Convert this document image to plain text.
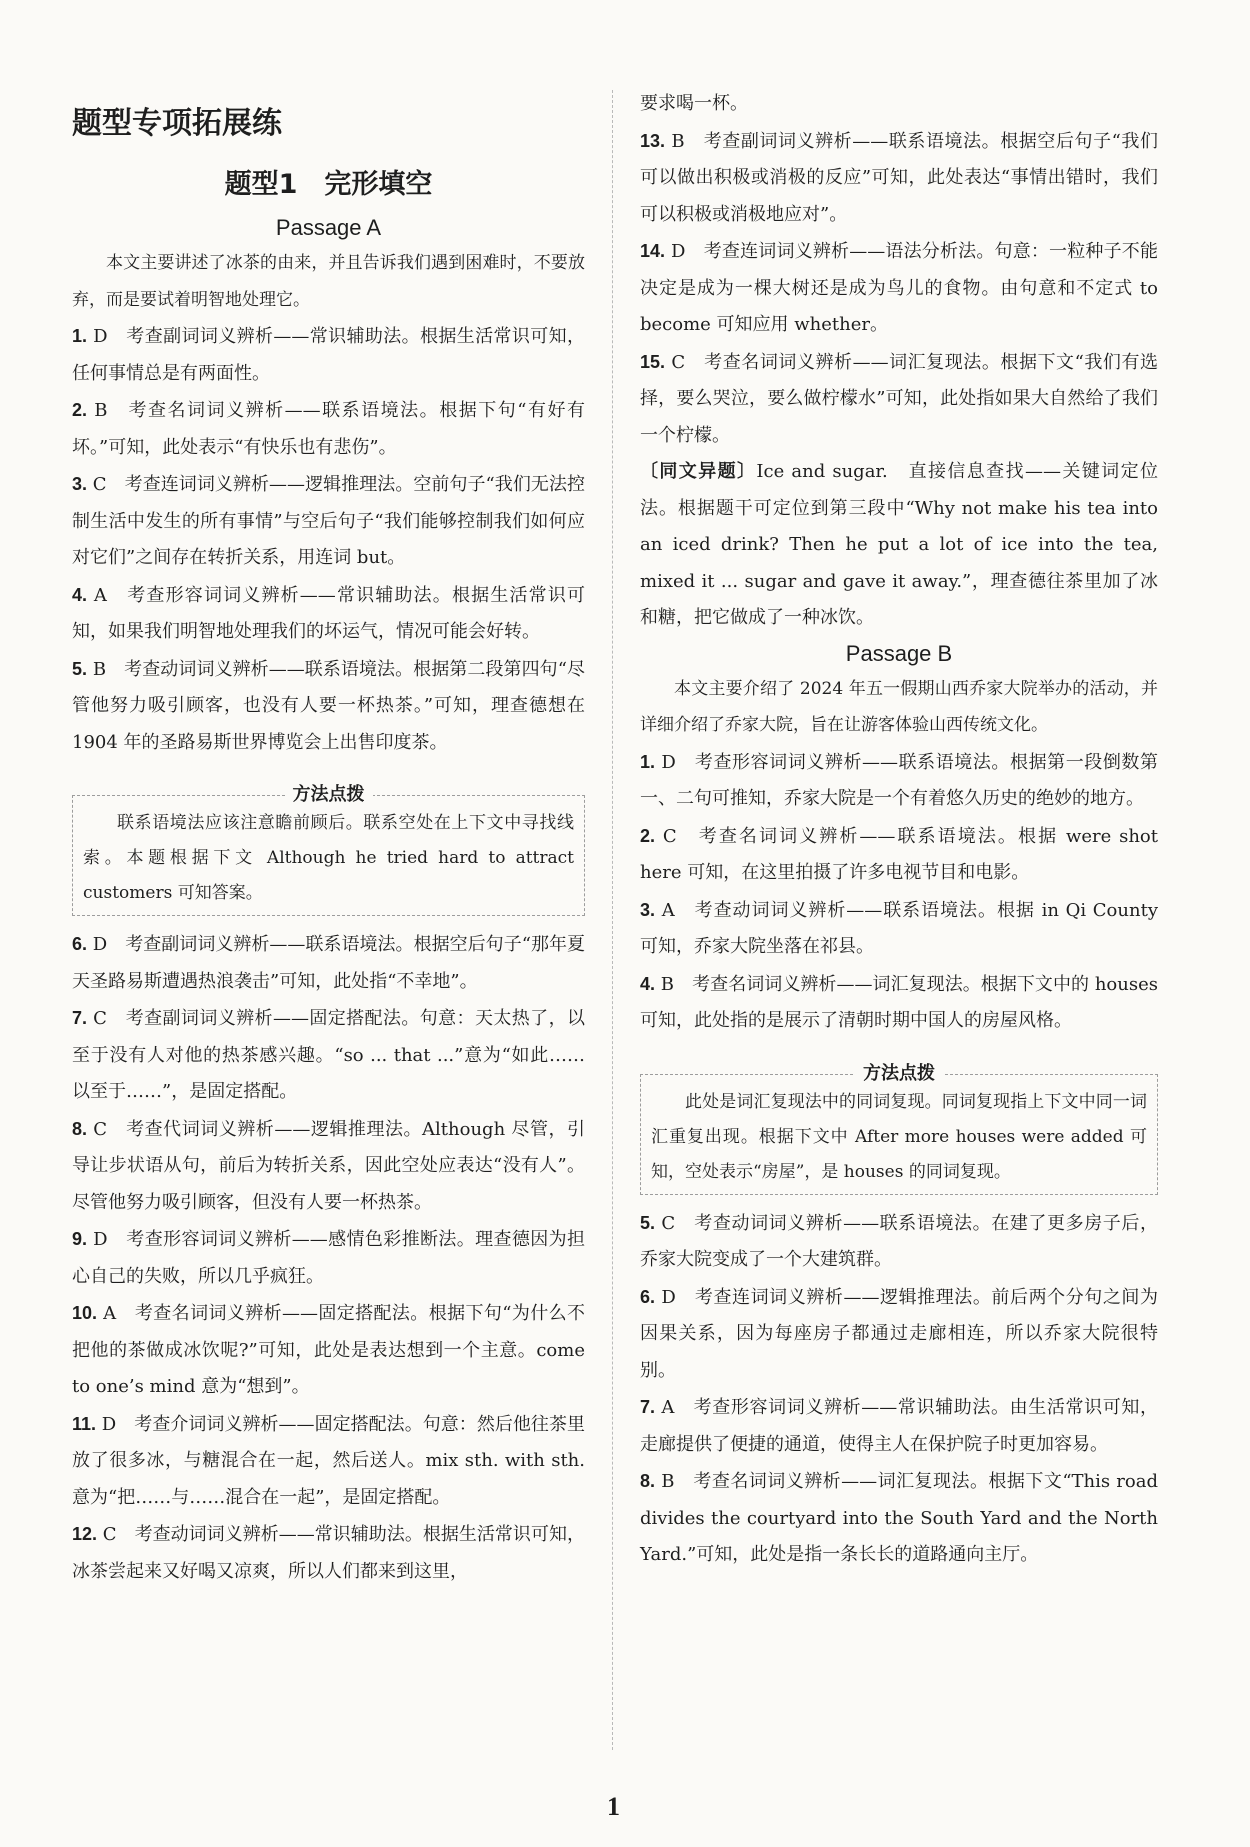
题型专项拓展练
题型1　完形填空
Passage A

本文主要讲述了冰茶的由来，并且告诉我们遇到困难时，不要放弃，而是要试着明智地处理它。

1. D　考查副词词义辨析——常识辅助法。根据生活常识可知，任何事情总是有两面性。

2. B　考查名词词义辨析——联系语境法。根据下句“有好有坏。”可知，此处表示“有快乐也有悲伤”。

3. C　考查连词词义辨析——逻辑推理法。空前句子“我们无法控制生活中发生的所有事情”与空后句子“我们能够控制我们如何应对它们”之间存在转折关系，用连词 but。

4. A　考查形容词词义辨析——常识辅助法。根据生活常识可知，如果我们明智地处理我们的坏运气，情况可能会好转。

5. B　考查动词词义辨析——联系语境法。根据第二段第四句“尽管他努力吸引顾客，也没有人要一杯热茶。”可知，理查德想在 1904 年的圣路易斯世界博览会上出售印度茶。

方法点拨

联系语境法应该注意瞻前顾后。联系空处在上下文中寻找线索。本题根据下文 Although he tried hard to attract customers 可知答案。

6. D　考查副词词义辨析——联系语境法。根据空后句子“那年夏天圣路易斯遭遇热浪袭击”可知，此处指“不幸地”。

7. C　考查副词词义辨析——固定搭配法。句意：天太热了，以至于没有人对他的热茶感兴趣。“so ... that ...”意为“如此……以至于……”，是固定搭配。

8. C　考查代词词义辨析——逻辑推理法。Although 尽管，引导让步状语从句，前后为转折关系，因此空处应表达“没有人”。尽管他努力吸引顾客，但没有人要一杯热茶。

9. D　考查形容词词义辨析——感情色彩推断法。理查德因为担心自己的失败，所以几乎疯狂。

10. A　考查名词词义辨析——固定搭配法。根据下句“为什么不把他的茶做成冰饮呢?”可知，此处是表达想到一个主意。come to one’s mind 意为“想到”。

11. D　考查介词词义辨析——固定搭配法。句意：然后他往茶里放了很多冰，与糖混合在一起，然后送人。mix sth. with sth. 意为“把……与……混合在一起”，是固定搭配。

12. C　考查动词词义辨析——常识辅助法。根据生活常识可知，冰茶尝起来又好喝又凉爽，所以人们都来到这里，

要求喝一杯。

13. B　考查副词词义辨析——联系语境法。根据空后句子“我们可以做出积极或消极的反应”可知，此处表达“事情出错时，我们可以积极或消极地应对”。

14. D　考查连词词义辨析——语法分析法。句意：一粒种子不能决定是成为一棵大树还是成为鸟儿的食物。由句意和不定式 to become 可知应用 whether。

15. C　考查名词词义辨析——词汇复现法。根据下文“我们有选择，要么哭泣，要么做柠檬水”可知，此处指如果大自然给了我们一个柠檬。

〔同文异题〕Ice and sugar.　直接信息查找——关键词定位法。根据题干可定位到第三段中“Why not make his tea into an iced drink? Then he put a lot of ice into the tea, mixed it ... sugar and gave it away.”，理查德往茶里加了冰和糖，把它做成了一种冰饮。

Passage B

本文主要介绍了 2024 年五一假期山西乔家大院举办的活动，并详细介绍了乔家大院，旨在让游客体验山西传统文化。

1. D　考查形容词词义辨析——联系语境法。根据第一段倒数第一、二句可推知，乔家大院是一个有着悠久历史的绝妙的地方。

2. C　考查名词词义辨析——联系语境法。根据 were shot here 可知，在这里拍摄了许多电视节目和电影。

3. A　考查动词词义辨析——联系语境法。根据 in Qi County 可知，乔家大院坐落在祁县。

4. B　考查名词词义辨析——词汇复现法。根据下文中的 houses 可知，此处指的是展示了清朝时期中国人的房屋风格。

方法点拨

此处是词汇复现法中的同词复现。同词复现指上下文中同一词汇重复出现。根据下文中 After more houses were added 可知，空处表示“房屋”，是 houses 的同词复现。

5. C　考查动词词义辨析——联系语境法。在建了更多房子后，乔家大院变成了一个大建筑群。

6. D　考查连词词义辨析——逻辑推理法。前后两个分句之间为因果关系，因为每座房子都通过走廊相连，所以乔家大院很特别。

7. A　考查形容词词义辨析——常识辅助法。由生活常识可知，走廊提供了便捷的通道，使得主人在保护院子时更加容易。

8. B　考查名词词义辨析——词汇复现法。根据下文“This road divides the courtyard into the South Yard and the North Yard.”可知，此处是指一条长长的道路通向主厅。

1
